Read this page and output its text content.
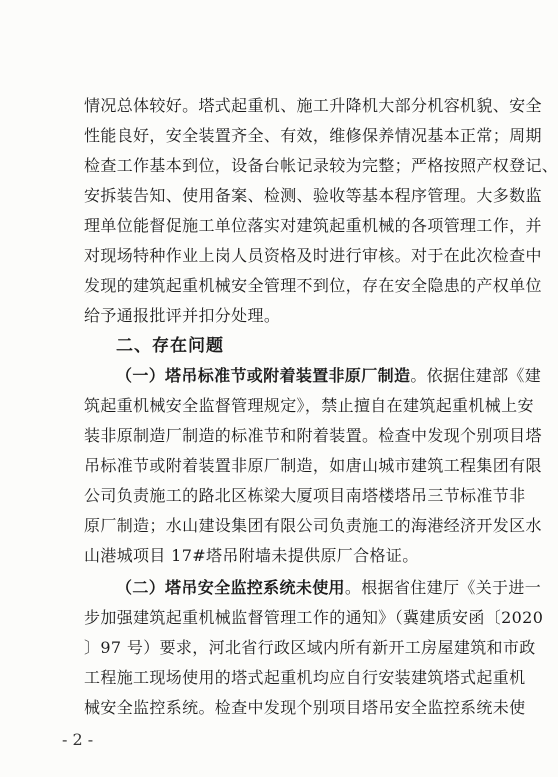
情况总体较好。塔式起重机、施工升降机大部分机容机貌、安全
性能良好，安全装置齐全、有效，维修保养情况基本正常；周期
检查工作基本到位，设备台帐记录较为完整；严格按照产权登记、
安拆装告知、使用备案、检测、验收等基本程序管理。大多数监
理单位能督促施工单位落实对建筑起重机械的各项管理工作，并
对现场特种作业上岗人员资格及时进行审核。对于在此次检查中
发现的建筑起重机械安全管理不到位，存在安全隐患的产权单位
给予通报批评并扣分处理。
二、存在问题
（一）塔吊标准节或附着装置非原厂制造。依据住建部《建
筑起重机械安全监督管理规定》，禁止擅自在建筑起重机械上安
装非原制造厂制造的标准节和附着装置。检查中发现个别项目塔
吊标准节或附着装置非原厂制造，如唐山城市建筑工程集团有限
公司负责施工的路北区栋梁大厦项目南塔楼塔吊三节标准节非
原厂制造；水山建设集团有限公司负责施工的海港经济开发区水
山港城项目 17#塔吊附墙未提供原厂合格证。
（二）塔吊安全监控系统未使用。根据省住建厅《关于进一
步加强建筑起重机械监督管理工作的通知》（冀建质安函〔2020
〕97 号）要求，河北省行政区域内所有新开工房屋建筑和市政
工程施工现场使用的塔式起重机均应自行安装建筑塔式起重机
械安全监控系统。检查中发现个别项目塔吊安全监控系统未使
- 2 -
